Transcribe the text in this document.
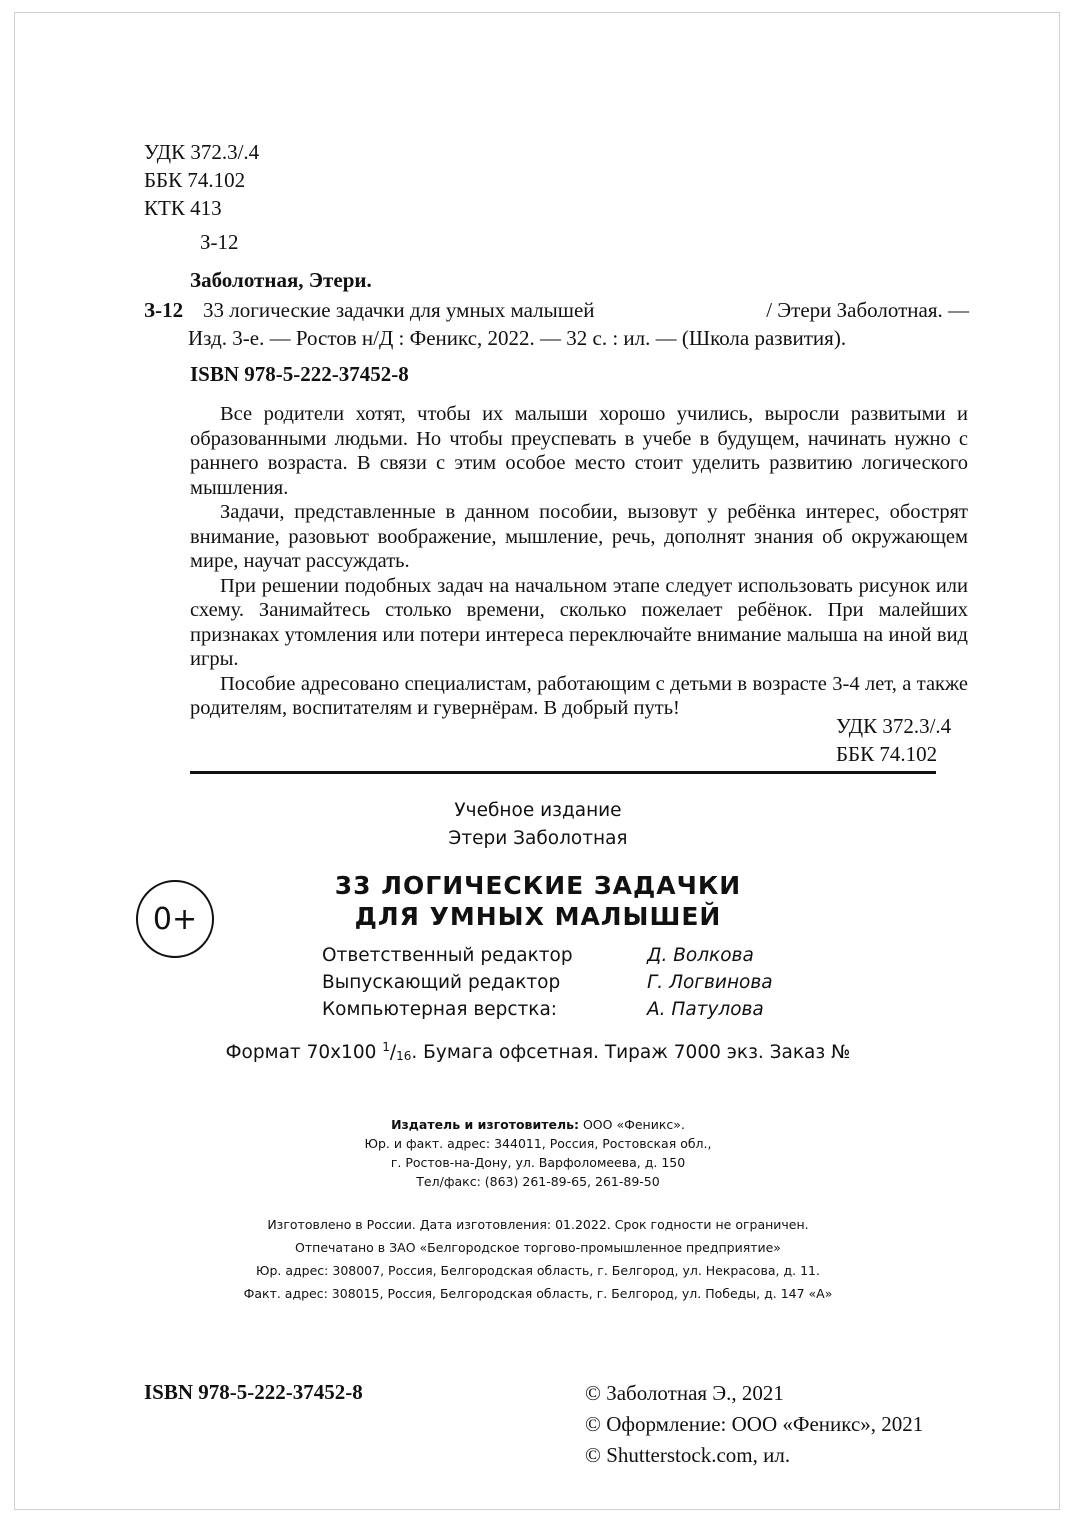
УДК 372.3/.4
ББК 74.102
КТК 413
З-12
Заболотная, Этери.
З-12 33 логические задачки для умных малышей	/ Этери Заболотная. —
Изд. 3-е. — Ростов н/Д : Феникс, 2022. — 32 с. : ил. — (Школа развития).
ISBN 978-5-222-37452-8

Все родители хотят, чтобы их малыши хорошо учились, выросли развитыми и образованными людьми. Но чтобы преуспевать в учебе в будущем, начинать нужно с раннего возраста. В связи с этим особое место стоит уделить развитию логического мышления.

Задачи, представленные в данном пособии, вызовут у ребёнка интерес, обострят внимание, разовьют воображение, мышление, речь, дополнят знания об окружающем мире, научат рассуждать.

При решении подобных задач на начальном этапе следует использовать рисунок или схему. Занимайтесь столько времени, сколько пожелает ребёнок. При малейших признаках утомления или потери интереса переключайте внимание малыша на иной вид игры.

Пособие адресовано специалистам, работающим с детьми в возрасте 3-4 лет, а также родителям, воспитателям и гувернёрам. В добрый путь!

УДК 372.3/.4
ББК 74.102
Учебное издание
Этери Заболотная
0+
33 ЛОГИЧЕСКИЕ ЗАДАЧКИ
ДЛЯ УМНЫХ МАЛЫШЕЙ
Ответственный редактор
Выпускающий редактор
Компьютерная верстка:
Д. Волкова
Г. Логвинова
А. Патулова
Формат 70х100 $^1/_{16}$. Бумага офсетная. Тираж 7000 экз. Заказ №
Издатель и изготовитель: ООО «Феникс».
Юр. и факт. адрес: 344011, Россия, Ростовская обл.,
г. Ростов-на-Дону, ул. Варфоломеева, д. 150
Тел/факс: (863) 261-89-65, 261-89-50
Изготовлено в России. Дата изготовления: 01.2022. Срок годности не ограничен.
Отпечатано в ЗАО «Белгородское торгово-промышленное предприятие»
Юр. адрес: 308007, Россия, Белгородская область, г. Белгород, ул. Некрасова, д. 11.
Факт. адрес: 308015, Россия, Белгородская область, г. Белгород, ул. Победы, д. 147 «А»
ISBN 978-5-222-37452-8	© Заболотная Э., 2021
© Оформление: ООО «Феникс», 2021
© Shutterstock.com, ил.
